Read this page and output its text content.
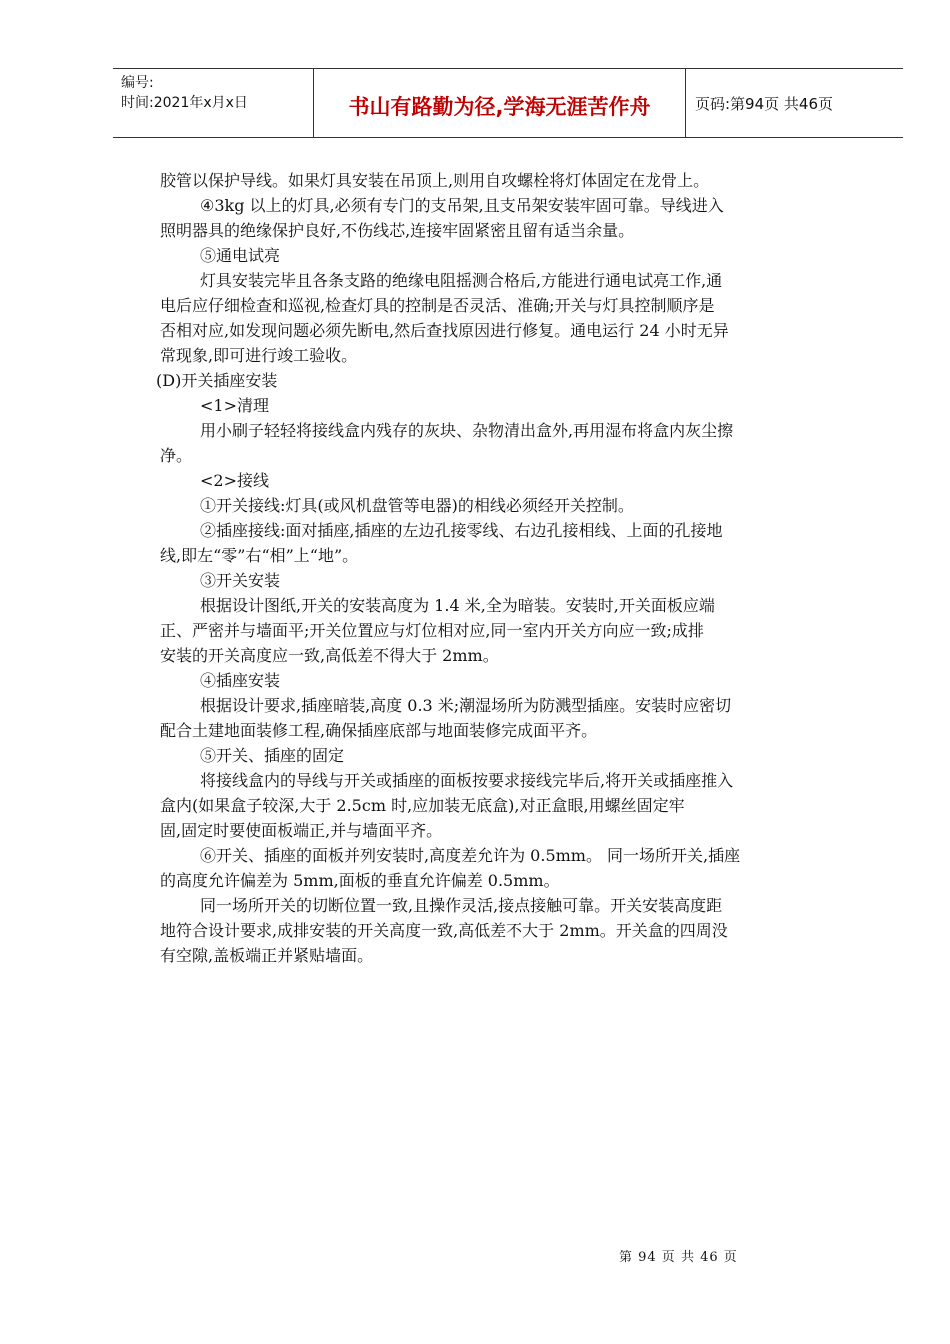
编号:
时间:2021年x月x日	书山有路勤为径,学海无涯苦作舟	页码:第94页 共46页

胶管以保护导线。如果灯具安装在吊顶上,则用自攻螺栓将灯体固定在龙骨上。

④3kg 以上的灯具,必须有专门的支吊架,且支吊架安装牢固可靠。导线进入

照明器具的绝缘保护良好,不伤线芯,连接牢固紧密且留有适当余量。

⑤通电试亮

灯具安装完毕且各条支路的绝缘电阻摇测合格后,方能进行通电试亮工作,通

电后应仔细检查和巡视,检查灯具的控制是否灵活、准确;开关与灯具控制顺序是

否相对应,如发现问题必须先断电,然后查找原因进行修复。通电运行 24 小时无异

常现象,即可进行竣工验收。

(D)开关插座安装

<1>清理

用小刷子轻轻将接线盒内残存的灰块、杂物清出盒外,再用湿布将盒内灰尘擦

净。

<2>接线

①开关接线:灯具(或风机盘管等电器)的相线必须经开关控制。

②插座接线:面对插座,插座的左边孔接零线、右边孔接相线、上面的孔接地

线,即左“零”右“相”上“地”。

③开关安装

根据设计图纸,开关的安装高度为 1.4 米,全为暗装。安装时,开关面板应端

正、严密并与墙面平;开关位置应与灯位相对应,同一室内开关方向应一致;成排

安装的开关高度应一致,高低差不得大于 2mm。

④插座安装

根据设计要求,插座暗装,高度 0.3 米;潮湿场所为防溅型插座。安装时应密切

配合土建地面装修工程,确保插座底部与地面装修完成面平齐。

⑤开关、插座的固定

将接线盒内的导线与开关或插座的面板按要求接线完毕后,将开关或插座推入

盒内(如果盒子较深,大于 2.5cm 时,应加装无底盒),对正盒眼,用螺丝固定牢

固,固定时要使面板端正,并与墙面平齐。

⑥开关、插座的面板并列安装时,高度差允许为 0.5mm。 同一场所开关,插座

的高度允许偏差为 5mm,面板的垂直允许偏差 0.5mm。

同一场所开关的切断位置一致,且操作灵活,接点接触可靠。开关安装高度距

地符合设计要求,成排安装的开关高度一致,高低差不大于 2mm。开关盒的四周没

有空隙,盖板端正并紧贴墙面。

第 94 页 共 46 页
